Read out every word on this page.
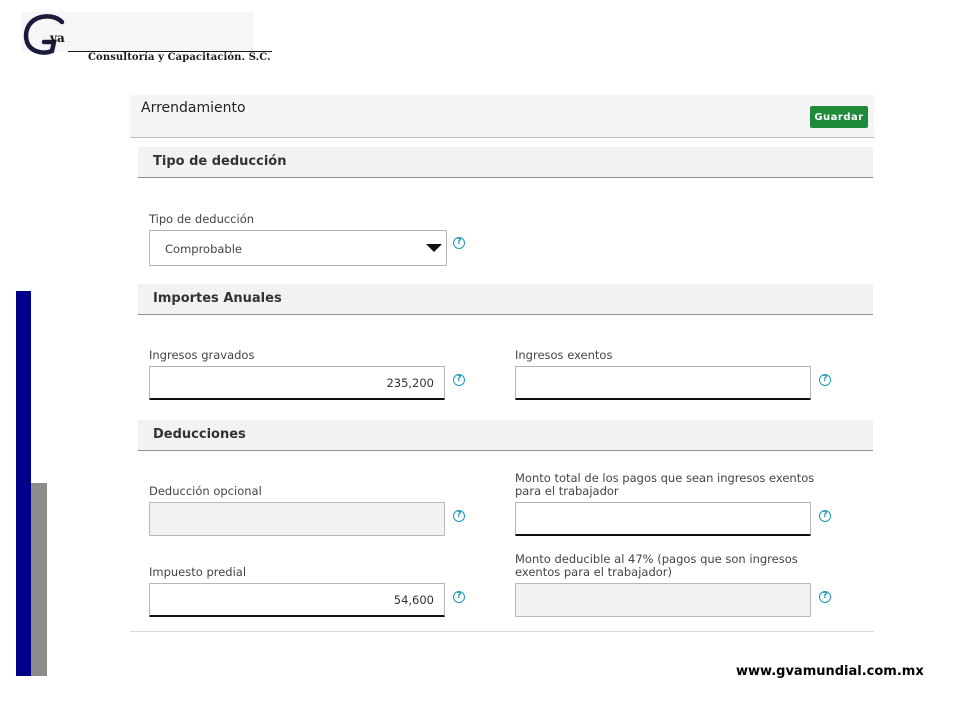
va
Consultoría y Capacitación. S.C.
Arrendamiento
Guardar
Tipo de deducción
Tipo de deducción
Comprobable	?
Importes Anuales
Ingresos gravados
235,200	?
Ingresos exentos
?
Deducciones
Deducción opcional
?
Monto total de los pagos que sean ingresos exentos para el trabajador
?
Impuesto predial
54,600	?
Monto deducible al 47% (pagos que son ingresos exentos para el trabajador)
?
www.gvamundial.com.mx
